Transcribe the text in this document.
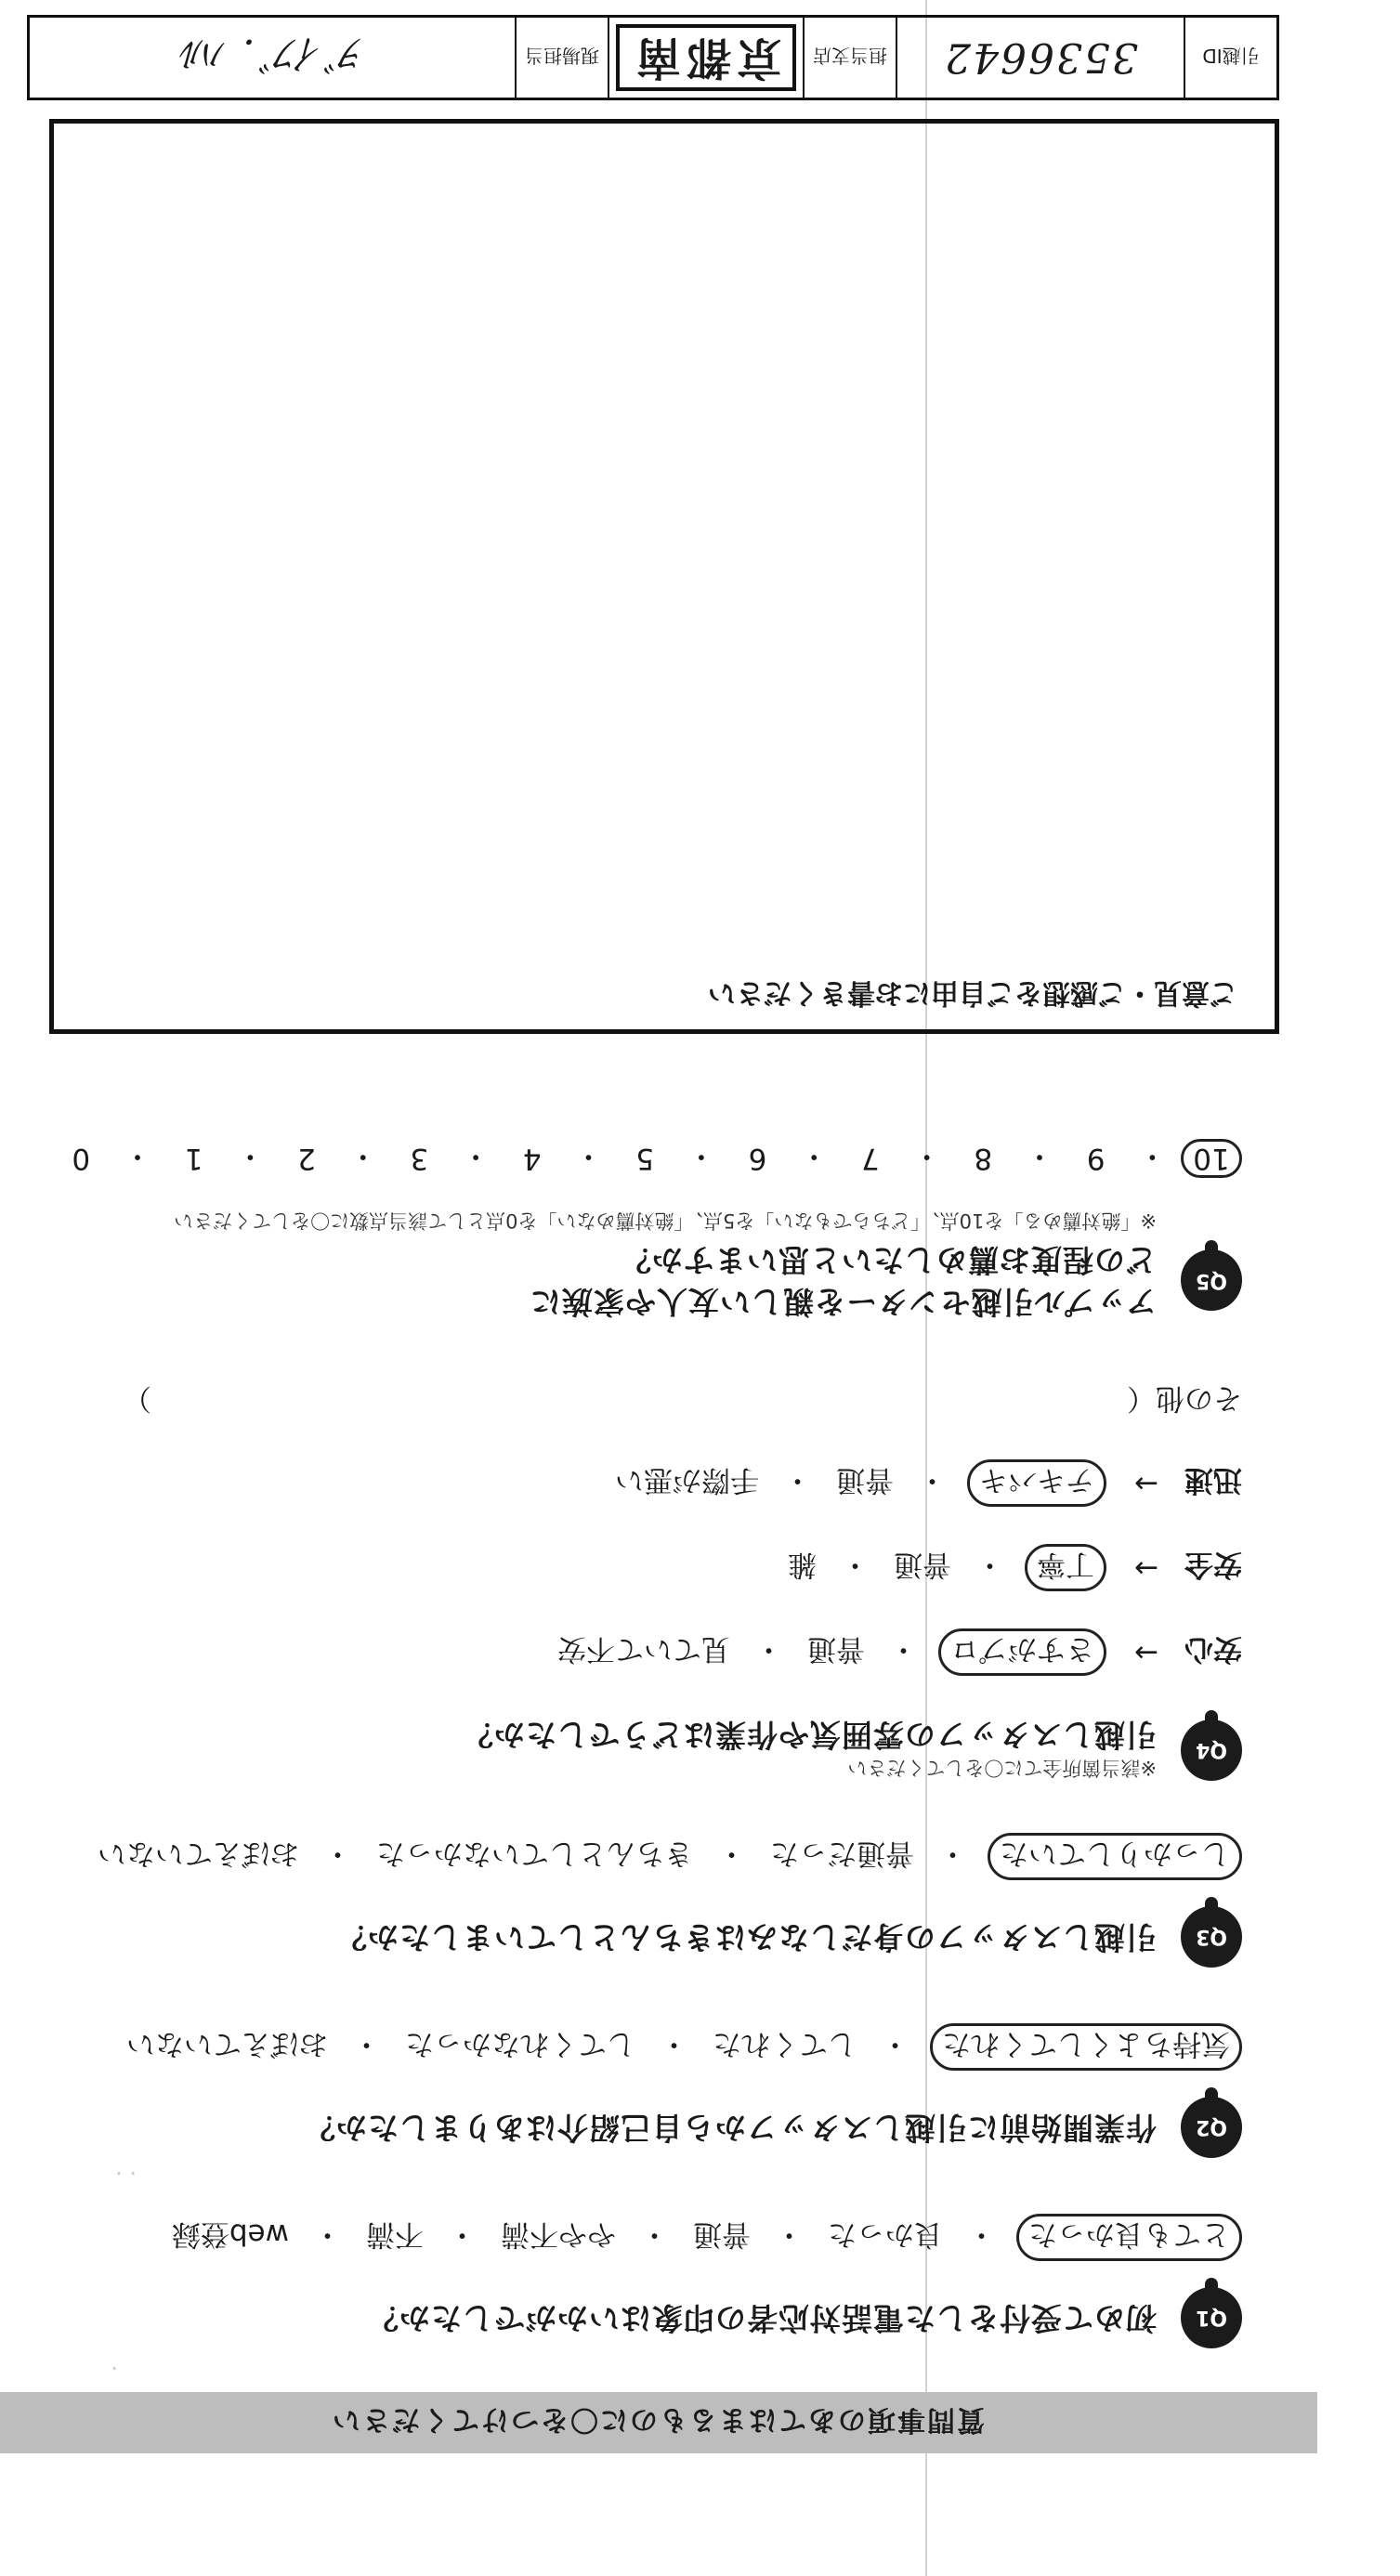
質問事項のあてはまるものに〇をつけてください
Q1
初めて受付をした電話対応者の印象はいかがでしたか？
とても良かった
・
良かった
・
普通
・
やや不満
・
不満
・
web登録
Q2
作業開始前に引越しスタッフから自己紹介はありましたか？
気持ちよくしてくれた
・
してくれた
・
してくれなかった
・
おぼえていない
Q3
引越しスタッフの身だしなみはきちんとしていましたか？
しっかりしていた
・
普通だった
・
きちんとしていなかった
・
おぼえていない
Q4
※該当箇所全てに〇をしてください
引越しスタッフの雰囲気や作業はどうでしたか？
安心
→
さすがプロ
・
普通
・
見ていて不安
安全
→
丁寧
・
普通
・
雑
迅速
→
テキパキ
・
普通
・
手際が悪い
その他（
）
Q5
アップル引越センターを親しい友人や家族に
どの程度お薦めしたいと思いますか？
※「絶対薦める」を10点、「どちらでもない」を5点、「絶対薦めない」を0点として該当点数に〇をしてください
10
・
9
・
8
・
7
・
6
・
5
・
4
・
3
・
2
・
1
・
0
ご意見・ご感想をご自由にお書きください
引越ID
3536642
担当支店
京都南
現場担当
ｦﾞｲﾌﾞ. ﾊﾙ
· ·
·
